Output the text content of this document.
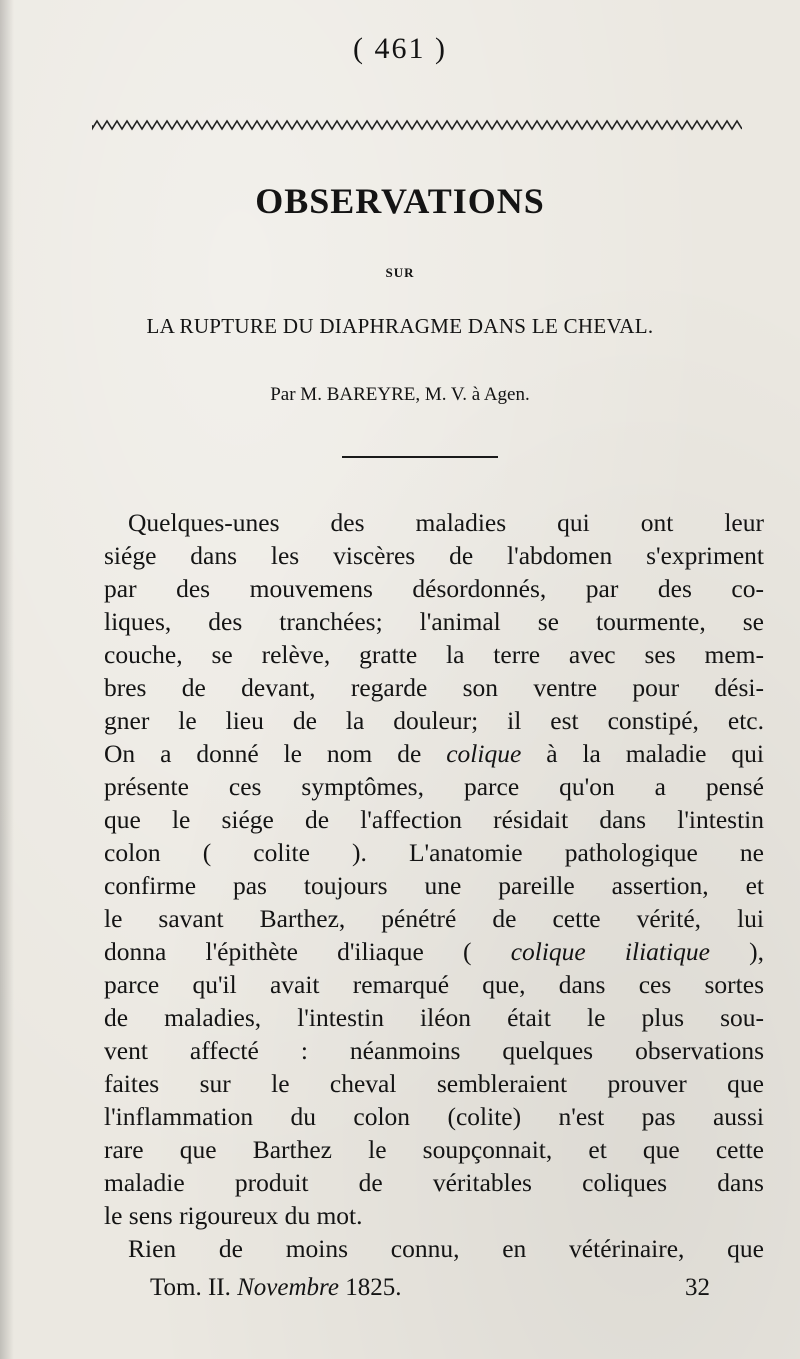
( 461 )
OBSERVATIONS
SUR
LA RUPTURE DU DIAPHRAGME DANS LE CHEVAL.
Par M. BAREYRE, M. V. à Agen.
Quelques-unes des maladies qui ont leur
siége dans les viscères de l'abdomen s'expriment
par des mouvemens désordonnés, par des co-
liques, des tranchées; l'animal se tourmente, se
couche, se relève, gratte la terre avec ses mem-
bres de devant, regarde son ventre pour dési-
gner le lieu de la douleur; il est constipé, etc.
On a donné le nom de colique à la maladie qui
présente ces symptômes, parce qu'on a pensé
que le siége de l'affection résidait dans l'intestin
colon ( colite ). L'anatomie pathologique ne
confirme pas toujours une pareille assertion, et
le savant Barthez, pénétré de cette vérité, lui
donna l'épithète d'iliaque ( colique iliatique ),
parce qu'il avait remarqué que, dans ces sortes
de maladies, l'intestin iléon était le plus sou-
vent affecté : néanmoins quelques observations
faites sur le cheval sembleraient prouver que
l'inflammation du colon (colite) n'est pas aussi
rare que Barthez le soupçonnait, et que cette
maladie produit de véritables coliques dans
le sens rigoureux du mot.
Rien de moins connu, en vétérinaire, que
Tom. II. Novembre 1825.	32
